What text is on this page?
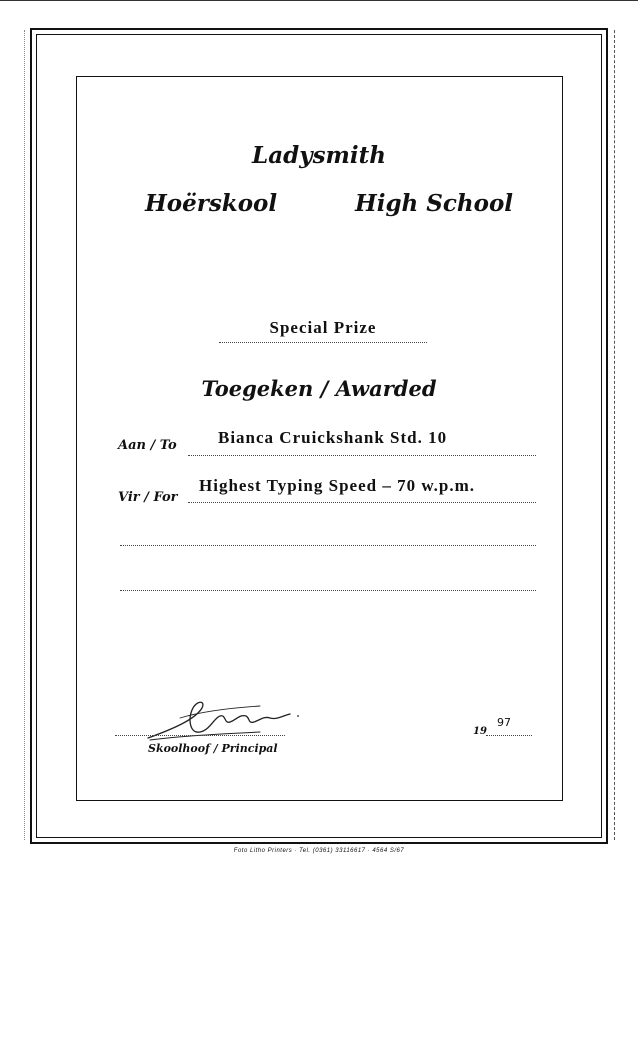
Ladysmith
Hoërskool	High School
Special Prize
Toegeken / Awarded
Aan / To Bianca Cruickshank Std. 10
Vir / For
Highest Typing Speed – 70 w.p.m.
Skoolhoof / Principal
19
97
Foto Litho Printers · Tel. (0361) 33116617 · 4564 S/67
